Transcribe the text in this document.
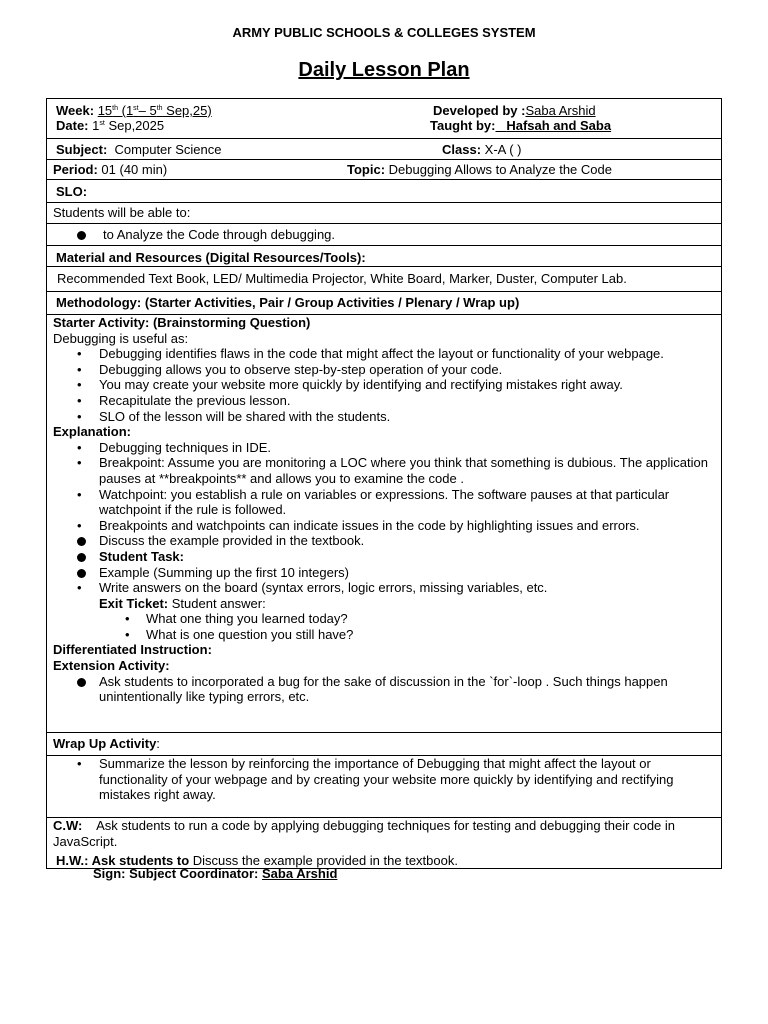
ARMY PUBLIC SCHOOLS & COLLEGES SYSTEM
Daily Lesson Plan
Week: 15th (1st– 5th Sep,25)
Date: 1st Sep,2025
Developed by :Saba Arshid
Taught by: Hafsah and Saba
Subject: Computer Science	Class: X-A ( )
Period: 01 (40 min)	Topic: Debugging Allows to Analyze the Code
SLO:
Students will be able to:
to Analyze the Code through debugging.
Material and Resources (Digital Resources/Tools):
Recommended Text Book, LED/ Multimedia Projector, White Board, Marker, Duster, Computer Lab.
Methodology: (Starter Activities, Pair / Group Activities / Plenary / Wrap up)
Starter Activity: (Brainstorming Question)
Debugging is useful as:
• Debugging identifies flaws in the code that might affect the layout or functionality of your webpage.
• Debugging allows you to observe step-by-step operation of your code.
• You may create your website more quickly by identifying and rectifying mistakes right away.
• Recapitulate the previous lesson.
• SLO of the lesson will be shared with the students.
Explanation:
• Debugging techniques in IDE.
• Breakpoint: Assume you are monitoring a LOC where you think that something is dubious. The application pauses at **breakpoints** and allows you to examine the code .
• Watchpoint: you establish a rule on variables or expressions. The software pauses at that particular watchpoint if the rule is followed.
• Breakpoints and watchpoints can indicate issues in the code by highlighting issues and errors.
Discuss the example provided in the textbook.
Student Task:
Example (Summing up the first 10 integers)
• Write answers on the board (syntax errors, logic errors, missing variables, etc.
Exit Ticket: Student answer:
• What one thing you learned today?
• What is one question you still have?
Differentiated Instruction:
Extension Activity:
Ask students to incorporated a bug for the sake of discussion in the `for`-loop . Such things happen unintentionally like typing errors, etc.
Wrap Up Activity:
• Summarize the lesson by reinforcing the importance of Debugging that might affect the layout or functionality of your webpage and by creating your website more quickly by identifying and rectifying mistakes right away.
C.W: Ask students to run a code by applying debugging techniques for testing and debugging their code in JavaScript.
H.W.: Ask students to Discuss the example provided in the textbook.
Sign: Subject Coordinator: Saba Arshid
